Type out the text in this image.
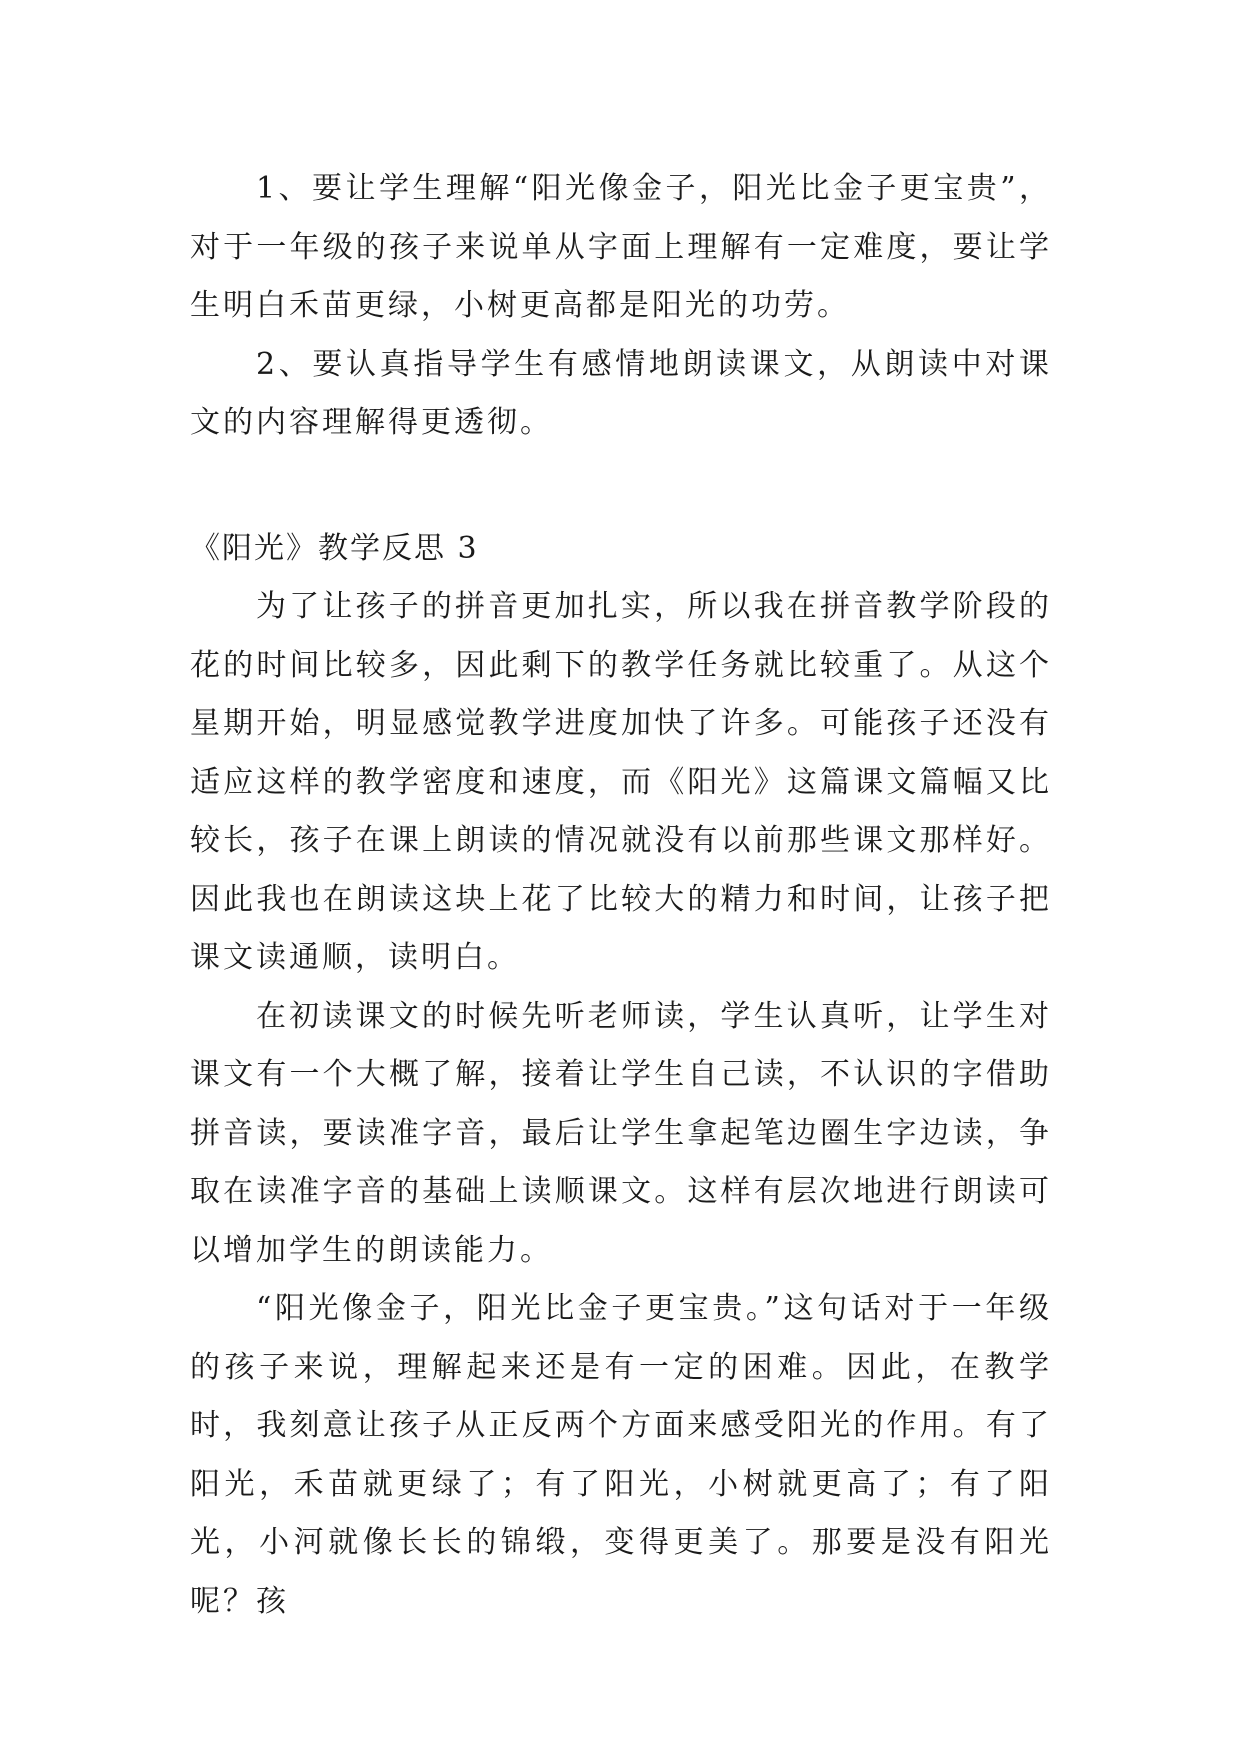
1、要让学生理解“阳光像金子，阳光比金子更宝贵”，对于一年级的孩子来说单从字面上理解有一定难度，要让学生明白禾苗更绿，小树更高都是阳光的功劳。

2、要认真指导学生有感情地朗读课文，从朗读中对课文的内容理解得更透彻。

《阳光》教学反思 3

为了让孩子的拼音更加扎实，所以我在拼音教学阶段的花的时间比较多，因此剩下的教学任务就比较重了。从这个星期开始，明显感觉教学进度加快了许多。可能孩子还没有适应这样的教学密度和速度，而《阳光》这篇课文篇幅又比较长，孩子在课上朗读的情况就没有以前那些课文那样好。因此我也在朗读这块上花了比较大的精力和时间，让孩子把课文读通顺，读明白。

在初读课文的时候先听老师读，学生认真听，让学生对课文有一个大概了解，接着让学生自己读，不认识的字借助拼音读，要读准字音，最后让学生拿起笔边圈生字边读，争取在读准字音的基础上读顺课文。这样有层次地进行朗读可以增加学生的朗读能力。

“阳光像金子，阳光比金子更宝贵。”这句话对于一年级的孩子来说，理解起来还是有一定的困难。因此，在教学时，我刻意让孩子从正反两个方面来感受阳光的作用。有了阳光，禾苗就更绿了；有了阳光，小树就更高了；有了阳光，小河就像长长的锦缎，变得更美了。那要是没有阳光呢？孩
